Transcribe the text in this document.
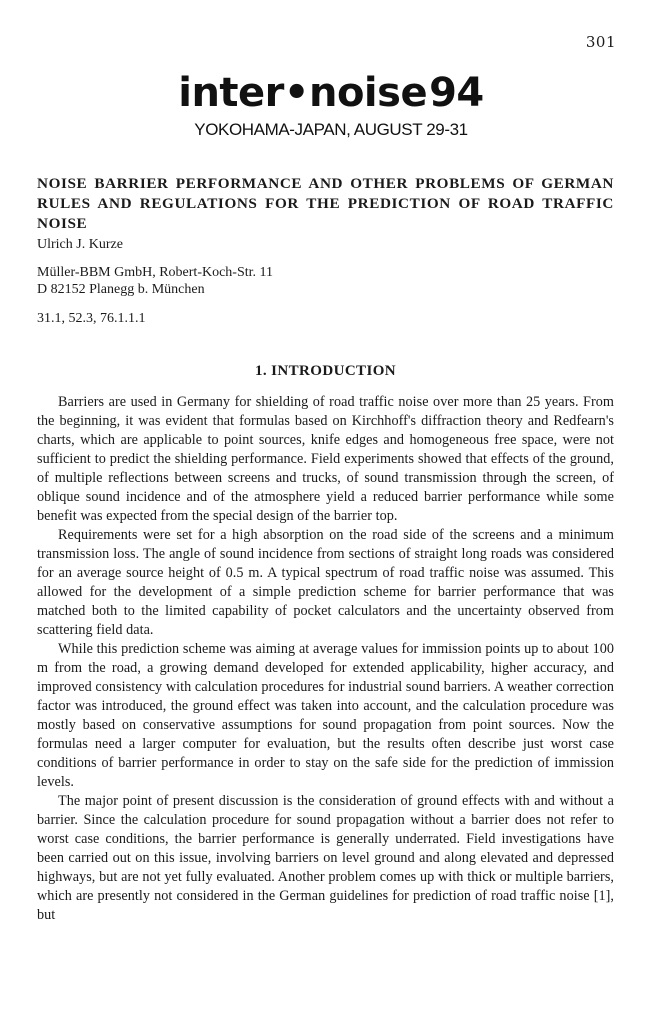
301
inter•noise94
YOKOHAMA-JAPAN, AUGUST 29-31
NOISE BARRIER PERFORMANCE AND OTHER PROBLEMS OF GERMAN RULES AND REGULATIONS FOR THE PREDICTION OF ROAD TRAFFIC NOISE
Ulrich J. Kurze
Müller-BBM GmbH, Robert-Koch-Str. 11
D 82152 Planegg b. München
31.1, 52.3, 76.1.1.1
1. INTRODUCTION

Barriers are used in Germany for shielding of road traffic noise over more than 25 years. From the beginning, it was evident that formulas based on Kirchhoff's diffraction theory and Redfearn's charts, which are applicable to point sources, knife edges and homogeneous free space, were not sufficient to predict the shielding performance. Field experiments showed that effects of the ground, of multiple reflections between screens and trucks, of sound transmission through the screen, of oblique sound incidence and of the atmosphere yield a reduced barrier performance while some benefit was expected from the special design of the barrier top.

Requirements were set for a high absorption on the road side of the screens and a minimum transmission loss. The angle of sound incidence from sections of straight long roads was considered for an average source height of 0.5 m. A typical spectrum of road traffic noise was assumed. This allowed for the development of a simple prediction scheme for barrier performance that was matched both to the limited capability of pocket calculators and the uncertainty observed from scattering field data.

While this prediction scheme was aiming at average values for immission points up to about 100 m from the road, a growing demand developed for extended applicability, higher accuracy, and improved consistency with calculation procedures for industrial sound barriers. A weather correction factor was introduced, the ground effect was taken into account, and the calculation procedure was mostly based on conservative assumptions for sound propagation from point sources. Now the formulas need a larger computer for evaluation, but the results often describe just worst case conditions of barrier performance in order to stay on the safe side for the prediction of immission levels.

The major point of present discussion is the consideration of ground effects with and without a barrier. Since the calculation procedure for sound propagation without a barrier does not refer to worst case conditions, the barrier performance is generally underrated. Field investigations have been carried out on this issue, involving barriers on level ground and along elevated and depressed highways, but are not yet fully evaluated. Another problem comes up with thick or multiple barriers, which are presently not considered in the German guidelines for prediction of road traffic noise [1], but
